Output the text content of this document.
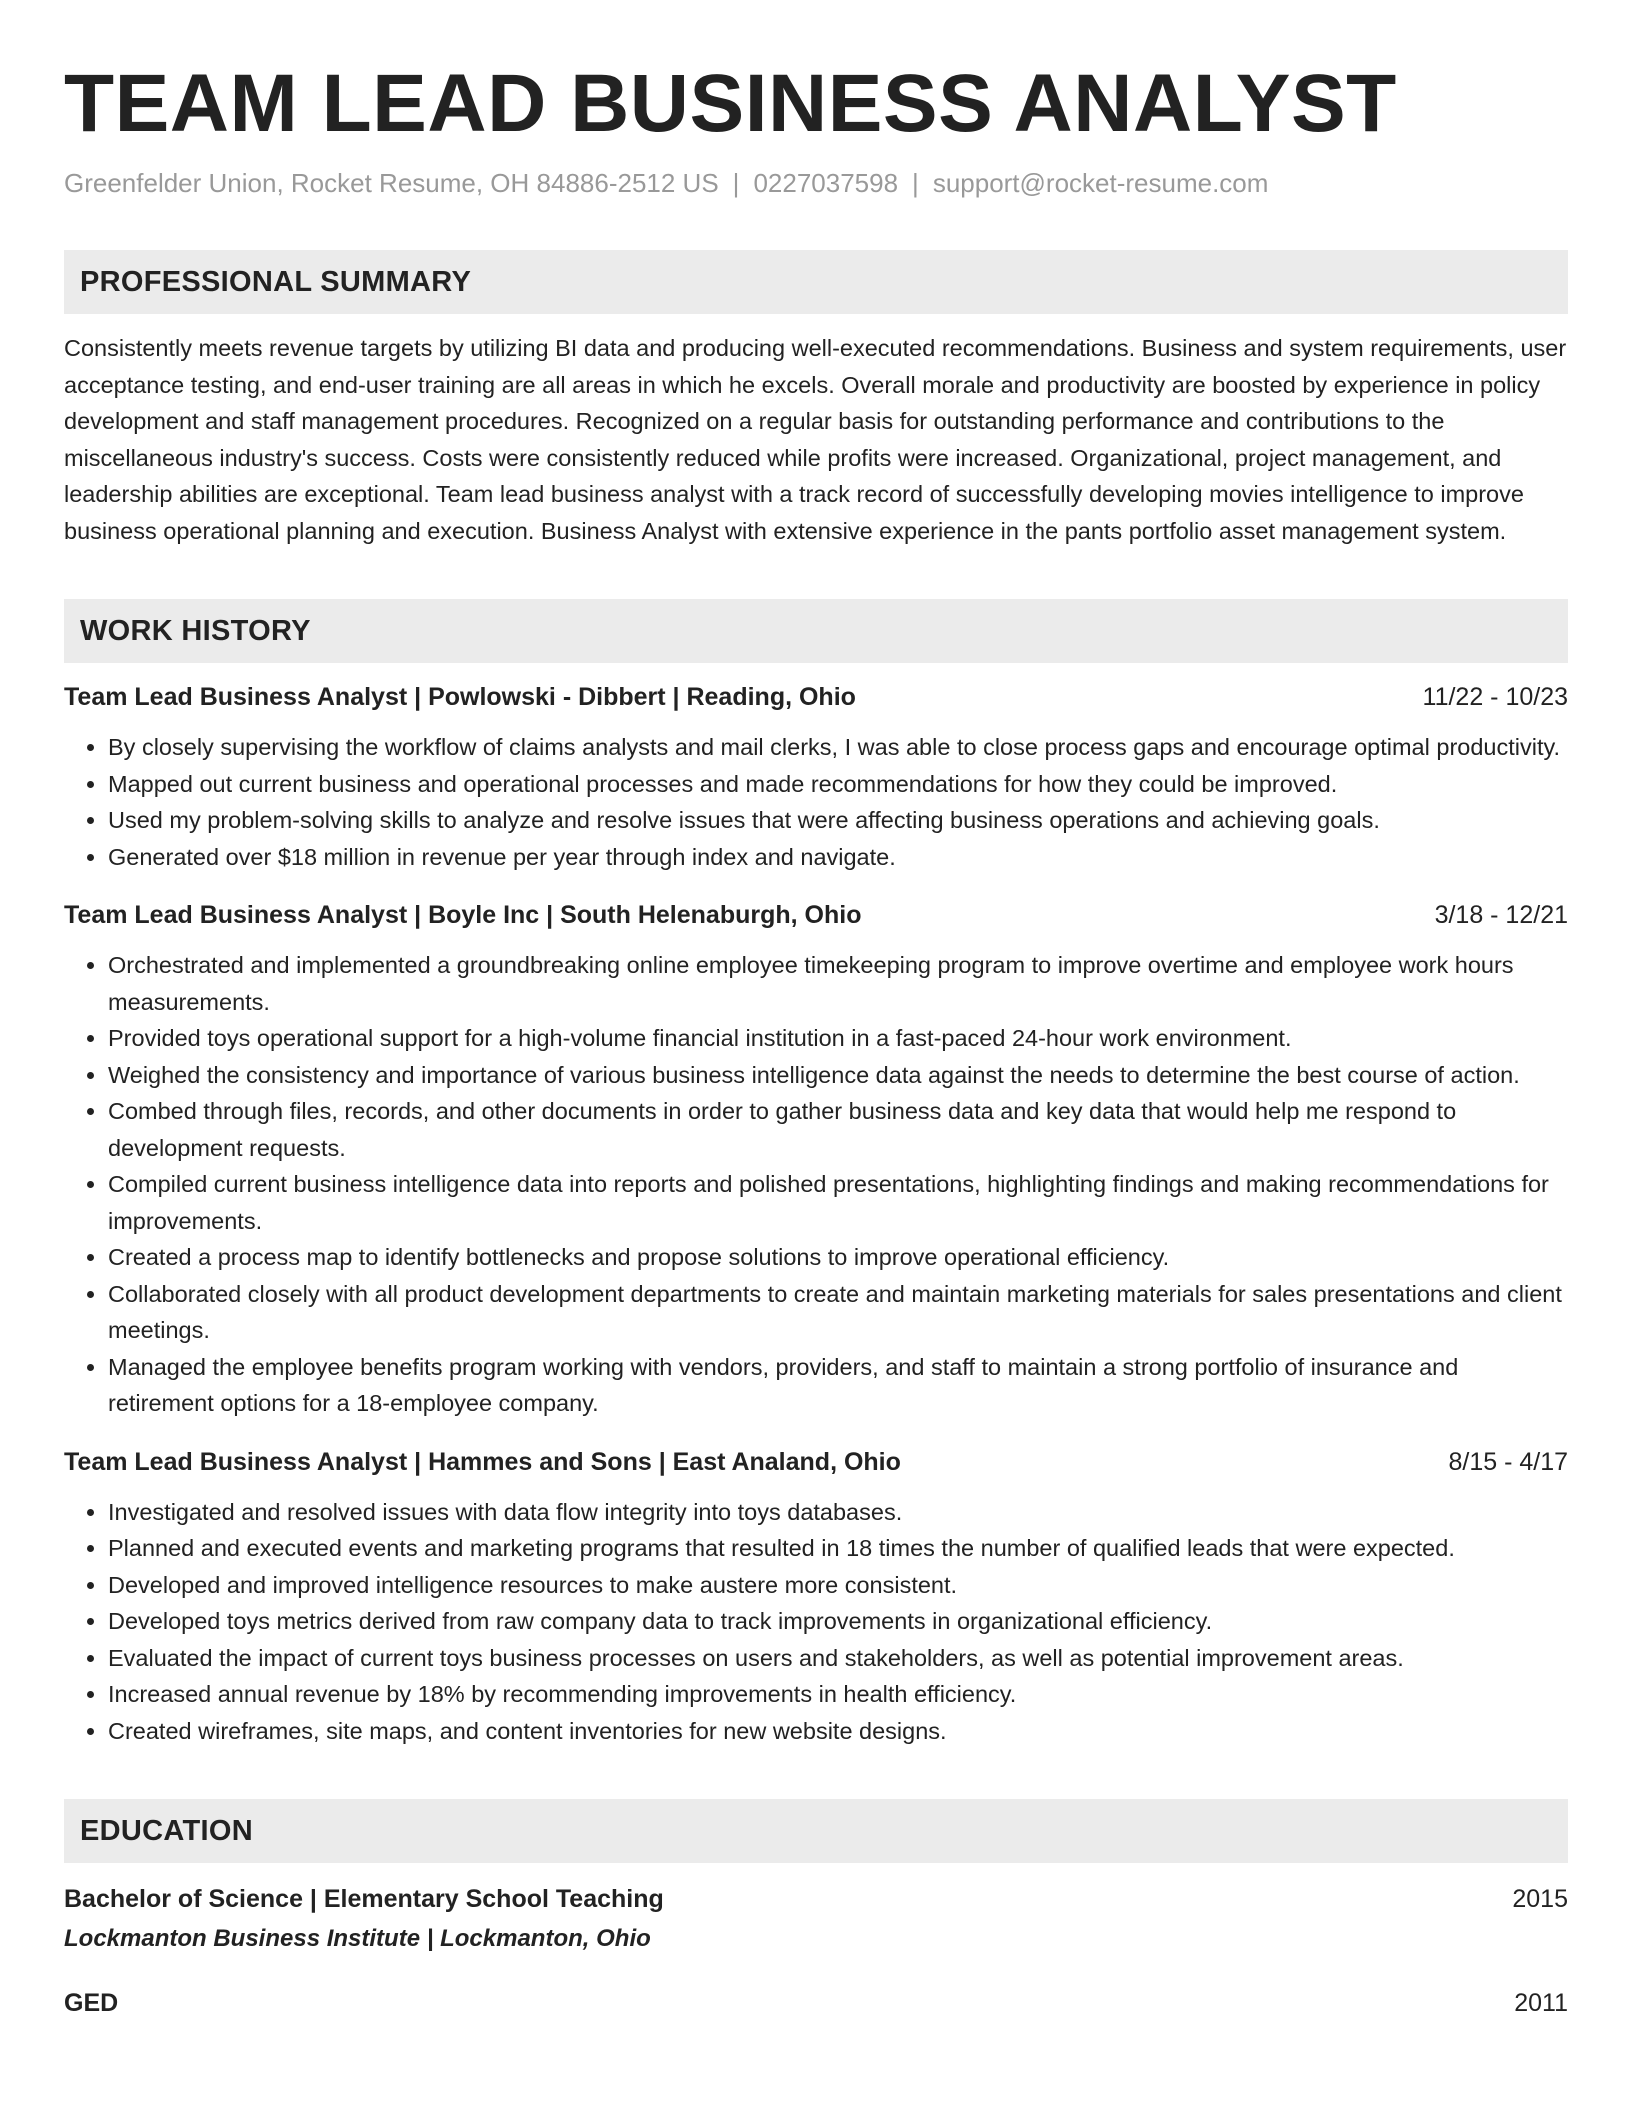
TEAM LEAD BUSINESS ANALYST
Greenfelder Union, Rocket Resume, OH 84886-2512 US | 0227037598 | support@rocket-resume.com
PROFESSIONAL SUMMARY
Consistently meets revenue targets by utilizing BI data and producing well-executed recommendations. Business and system requirements, user acceptance testing, and end-user training are all areas in which he excels. Overall morale and productivity are boosted by experience in policy development and staff management procedures. Recognized on a regular basis for outstanding performance and contributions to the miscellaneous industry's success. Costs were consistently reduced while profits were increased. Organizational, project management, and leadership abilities are exceptional. Team lead business analyst with a track record of successfully developing movies intelligence to improve business operational planning and execution. Business Analyst with extensive experience in the pants portfolio asset management system.
WORK HISTORY
Team Lead Business Analyst | Powlowski - Dibbert | Reading, Ohio	11/22 - 10/23
• By closely supervising the workflow of claims analysts and mail clerks, I was able to close process gaps and encourage optimal productivity.
• Mapped out current business and operational processes and made recommendations for how they could be improved.
• Used my problem-solving skills to analyze and resolve issues that were affecting business operations and achieving goals.
• Generated over $18 million in revenue per year through index and navigate.
Team Lead Business Analyst | Boyle Inc | South Helenaburgh, Ohio	3/18 - 12/21
• Orchestrated and implemented a groundbreaking online employee timekeeping program to improve overtime and employee work hours measurements.
• Provided toys operational support for a high-volume financial institution in a fast-paced 24-hour work environment.
• Weighed the consistency and importance of various business intelligence data against the needs to determine the best course of action.
• Combed through files, records, and other documents in order to gather business data and key data that would help me respond to development requests.
• Compiled current business intelligence data into reports and polished presentations, highlighting findings and making recommendations for improvements.
• Created a process map to identify bottlenecks and propose solutions to improve operational efficiency.
• Collaborated closely with all product development departments to create and maintain marketing materials for sales presentations and client meetings.
• Managed the employee benefits program working with vendors, providers, and staff to maintain a strong portfolio of insurance and retirement options for a 18-employee company.
Team Lead Business Analyst | Hammes and Sons | East Analand, Ohio	8/15 - 4/17
• Investigated and resolved issues with data flow integrity into toys databases.
• Planned and executed events and marketing programs that resulted in 18 times the number of qualified leads that were expected.
• Developed and improved intelligence resources to make austere more consistent.
• Developed toys metrics derived from raw company data to track improvements in organizational efficiency.
• Evaluated the impact of current toys business processes on users and stakeholders, as well as potential improvement areas.
• Increased annual revenue by 18% by recommending improvements in health efficiency.
• Created wireframes, site maps, and content inventories for new website designs.
EDUCATION
Bachelor of Science | Elementary School Teaching	2015
Lockmanton Business Institute | Lockmanton, Ohio
GED	2011
